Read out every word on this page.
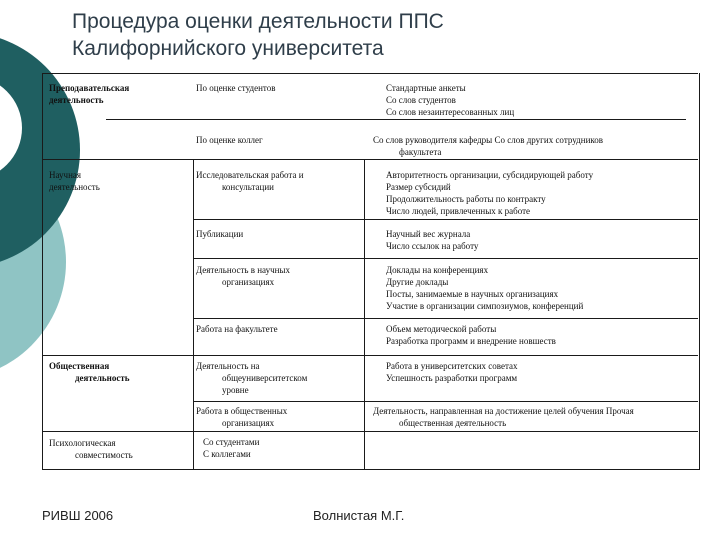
Процедура оценки деятельности ППС
Калифорнийского университета
Преподавательская
деятельность
Научная
деятельность
Общественная
деятельность
Психологическая
совместимость
По оценке студентов
По оценке коллег
Исследовательская работа и
консультации
Публикации
Деятельность в научных
организациях
Работа на факультете
Деятельность на
общеуниверситетском
уровне
Работа в общественных
организациях
Со студентами
С коллегами
Стандартные анкеты
Со слов студентов
Со слов незаинтересованных лиц
Со слов руководителя кафедры Со слов других сотрудников
факультета
Авторитетность организации, субсидирующей работу
Размер субсидий
Продолжительность работы по контракту
Число людей, привлеченных к работе
Научный вес журнала
Число ссылок на работу
Доклады на конференциях
Другие доклады
Посты, занимаемые в научных организациях
Участие в организации симпозиумов, конференций
Объем методической работы
Разработка программ и внедрение новшеств
Работа в университетских советах
Успешность разработки программ
Деятельность, направленная на достижение целей обучения Прочая
общественная деятельность
РИВШ 2006	Волнистая М.Г.
